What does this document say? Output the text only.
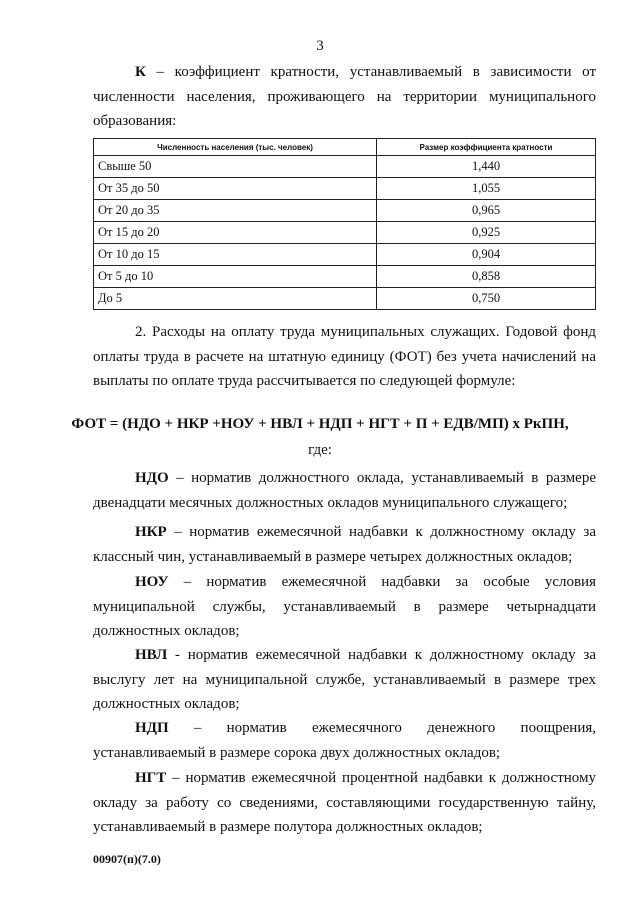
3

К – коэффициент кратности, устанавливаемый в зависимости от численности населения, проживающего на территории муниципального образования:

Численность населения (тыс. человек)	Размер коэффициента кратности
Свыше 50	1,440
От 35 до 50	1,055
От 20 до 35	0,965
От 15 до 20	0,925
От 10 до 15	0,904
От 5 до 10	0,858
До 5	0,750

2. Расходы на оплату труда муниципальных служащих. Годовой фонд оплаты труда в расчете на штатную единицу (ФОТ) без учета начислений на выплаты по оплате труда рассчитывается по следующей формуле:

ФОТ = (НДО + НКР +НОУ + НВЛ + НДП + НГТ + П + ЕДВ/МП) х РкПН,
где:

НДО – норматив должностного оклада, устанавливаемый в размере двенадцати месячных должностных окладов муниципального служащего;

НКР – норматив ежемесячной надбавки к должностному окладу за классный чин, устанавливаемый в размере четырех должностных окладов;

НОУ – норматив ежемесячной надбавки за особые условия муниципальной службы, устанавливаемый в размере четырнадцати должностных окладов;

НВЛ - норматив ежемесячной надбавки к должностному окладу за выслугу лет на муниципальной службе, устанавливаемый в размере трех должностных окладов;

НДП – норматив ежемесячного денежного поощрения, устанавливаемый в размере сорока двух должностных окладов;

НГТ – норматив ежемесячной процентной надбавки к должностному окладу за работу со сведениями, составляющими государственную тайну, устанавливаемый в размере полутора должностных окладов;

00907(п)(7.0)
